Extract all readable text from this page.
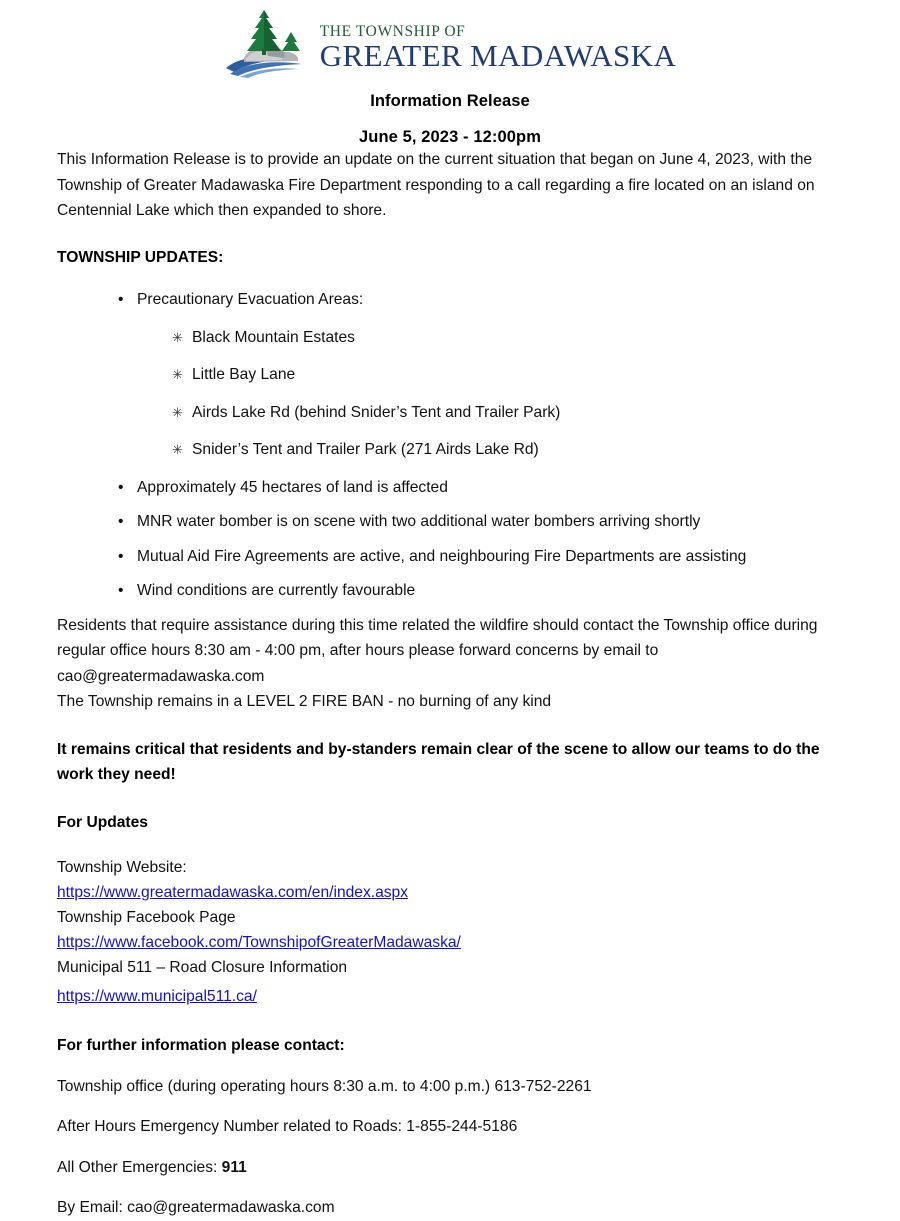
THE TOWNSHIP OF
GREATER MADAWASKA
Information Release
June 5, 2023 - 12:00pm

This Information Release is to provide an update on the current situation that began on June 4, 2023, with the Township of Greater Madawaska Fire Department responding to a call regarding a fire located on an island on Centennial Lake which then expanded to shore.

TOWNSHIP UPDATES:

• Precautionary Evacuation Areas:
✳ Black Mountain Estates
✳ Little Bay Lane
✳ Airds Lake Rd (behind Snider’s Tent and Trailer Park)
✳ Snider’s Tent and Trailer Park (271 Airds Lake Rd)
• Approximately 45 hectares of land is affected
• MNR water bomber is on scene with two additional water bombers arriving shortly
• Mutual Aid Fire Agreements are active, and neighbouring Fire Departments are assisting
• Wind conditions are currently favourable

Residents that require assistance during this time related the wildfire should contact the Township office during regular office hours 8:30 am - 4:00 pm, after hours please forward concerns by email to cao@greatermadawaska.com

The Township remains in a LEVEL 2 FIRE BAN - no burning of any kind

It remains critical that residents and by-standers remain clear of the scene to allow our teams to do the work they need!

For Updates

Township Website:

https://www.greatermadawaska.com/en/index.aspx

Township Facebook Page

https://www.facebook.com/TownshipofGreaterMadawaska/

Municipal 511 – Road Closure Information

https://www.municipal511.ca/

For further information please contact:

Township office (during operating hours 8:30 a.m. to 4:00 p.m.) 613-752-2261

After Hours Emergency Number related to Roads: 1-855-244-5186

All Other Emergencies: 911

By Email: cao@greatermadawaska.com
